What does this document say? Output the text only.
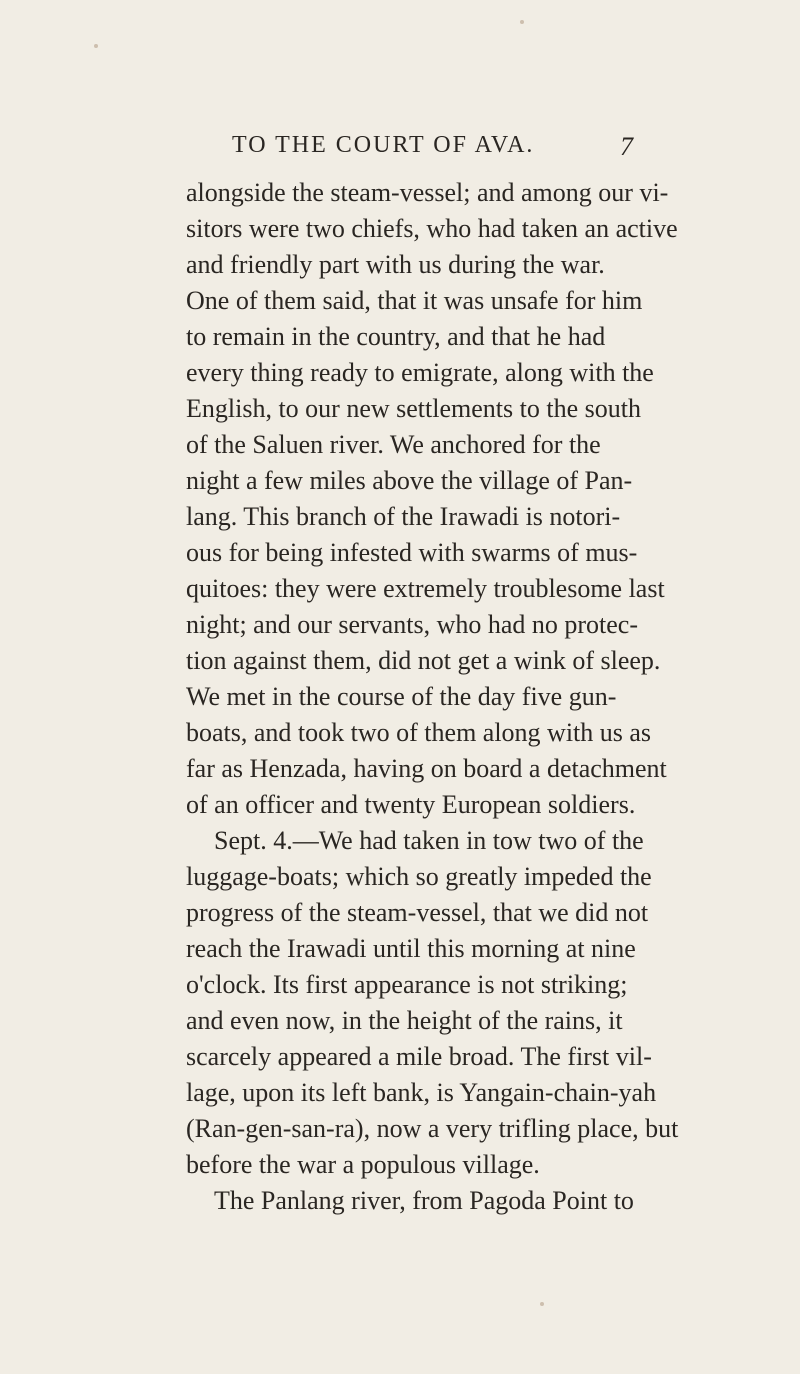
TO THE COURT OF AVA.	7
alongside the steam-vessel; and among our vi-
sitors were two chiefs, who had taken an active
and friendly part with us during the war.
One of them said, that it was unsafe for him
to remain in the country, and that he had
every thing ready to emigrate, along with the
English, to our new settlements to the south
of the Saluen river. We anchored for the
night a few miles above the village of Pan-
lang. This branch of the Irawadi is notori-
ous for being infested with swarms of mus-
quitoes: they were extremely troublesome last
night; and our servants, who had no protec-
tion against them, did not get a wink of sleep.
We met in the course of the day five gun-
boats, and took two of them along with us as
far as Henzada, having on board a detachment
of an officer and twenty European soldiers.
Sept. 4.—We had taken in tow two of the
luggage-boats; which so greatly impeded the
progress of the steam-vessel, that we did not
reach the Irawadi until this morning at nine
o'clock. Its first appearance is not striking;
and even now, in the height of the rains, it
scarcely appeared a mile broad. The first vil-
lage, upon its left bank, is Yangain-chain-yah
(Ran-gen-san-ra), now a very trifling place, but
before the war a populous village.
The Panlang river, from Pagoda Point to
